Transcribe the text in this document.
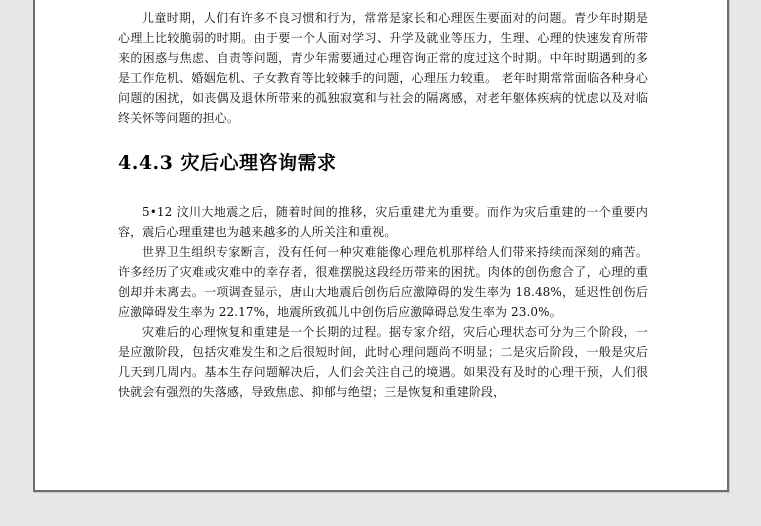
儿童时期，人们有许多不良习惯和行为，常常是家长和心理医生要面对的问题。青少年时期是心理上比较脆弱的时期。由于要一个人面对学习、升学及就业等压力，生理、心理的快速发育所带来的困惑与焦虑、自责等问题，青少年需要通过心理咨询正常的度过这个时期。中年时期遇到的多是工作危机、婚姻危机、子女教育等比较棘手的问题，心理压力较重。 老年时期常常面临各种身心问题的困扰，如丧偶及退休所带来的孤独寂寞和与社会的隔离感，对老年躯体疾病的忧虑以及对临终关怀等问题的担心。

4.4.3 灾后心理咨询需求

5•12 汶川大地震之后，随着时间的推移，灾后重建尤为重要。而作为灾后重建的一个重要内容，震后心理重建也为越来越多的人所关注和重视。

世界卫生组织专家断言，没有任何一种灾难能像心理危机那样给人们带来持续而深刻的痛苦。许多经历了灾难或灾难中的幸存者，很难摆脱这段经历带来的困扰。肉体的创伤愈合了，心理的重创却并未离去。一项调查显示，唐山大地震后创伤后应激障碍的发生率为 18.48%，延迟性创伤后应激障碍发生率为 22.17%，地震所致孤儿中创伤后应激障碍总发生率为 23.0%。

灾难后的心理恢复和重建是一个长期的过程。据专家介绍，灾后心理状态可分为三个阶段，一是应激阶段，包括灾难发生和之后很短时间，此时心理问题尚不明显；二是灾后阶段，一般是灾后几天到几周内。基本生存问题解决后，人们会关注自己的境遇。如果没有及时的心理干预，人们很快就会有强烈的失落感，导致焦虑、抑郁与绝望；三是恢复和重建阶段，
